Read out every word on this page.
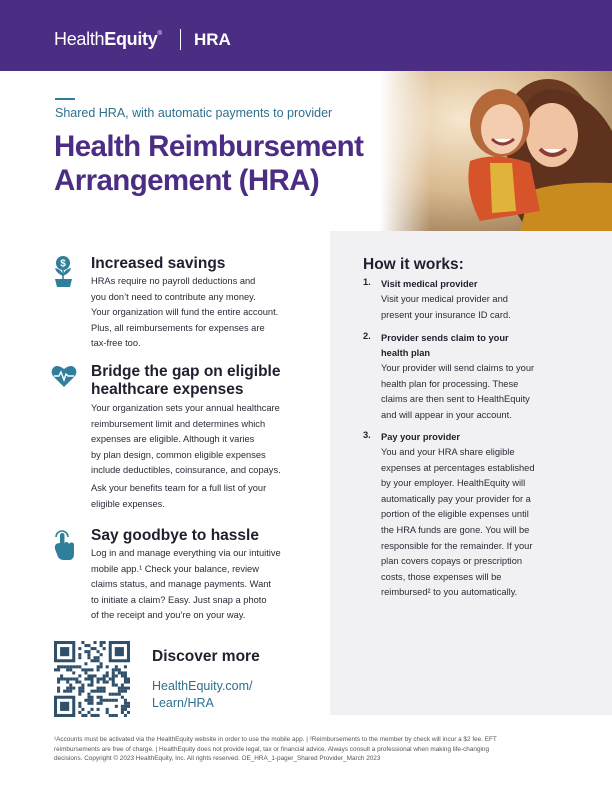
HealthEquity® HRA
Shared HRA, with automatic payments to provider
Health Reimbursement
Arrangement (HRA)
$ Increased savings
HRAs require no payroll deductions and
you don’t need to contribute any money.
Your organization will fund the entire account.
Plus, all reimbursements for expenses are
tax-free too.
Bridge the gap on eligible
healthcare expenses
Your organization sets your annual healthcare
reimbursement limit and determines which
expenses are eligible. Although it varies
by plan design, common eligible expenses
include deductibles, coinsurance, and copays.
Ask your benefits team for a full list of your
eligible expenses.
Say goodbye to hassle
Log in and manage everything via our intuitive
mobile app.¹ Check your balance, review
claims status, and manage payments. Want
to initiate a claim? Easy. Just snap a photo
of the receipt and you’re on your way.
How it works:
1. Visit medical provider
Visit your medical provider and
present your insurance ID card.
2. Provider sends claim to your
health plan
Your provider will send claims to your
health plan for processing. These
claims are then sent to HealthEquity
and will appear in your account.
3. Pay your provider
You and your HRA share eligible
expenses at percentages established
by your employer. HealthEquity will
automatically pay your provider for a
portion of the eligible expenses until
the HRA funds are gone. You will be
responsible for the remainder. If your
plan covers copays or prescription
costs, those expenses will be
reimbursed² to you automatically.
Discover more
HealthEquity.com/
Learn/HRA
¹Accounts must be activated via the HealthEquity website in order to use the mobile app. | ²Reimbursements to the member by check will incur a $2 fee. EFT
reimbursements are free of charge. | HealthEquity does not provide legal, tax or financial advice. Always consult a professional when making life-changing
decisions. Copyright © 2023 HealthEquity, Inc. All rights reserved. OE_HRA_1-pager_Shared Provider_March 2023
